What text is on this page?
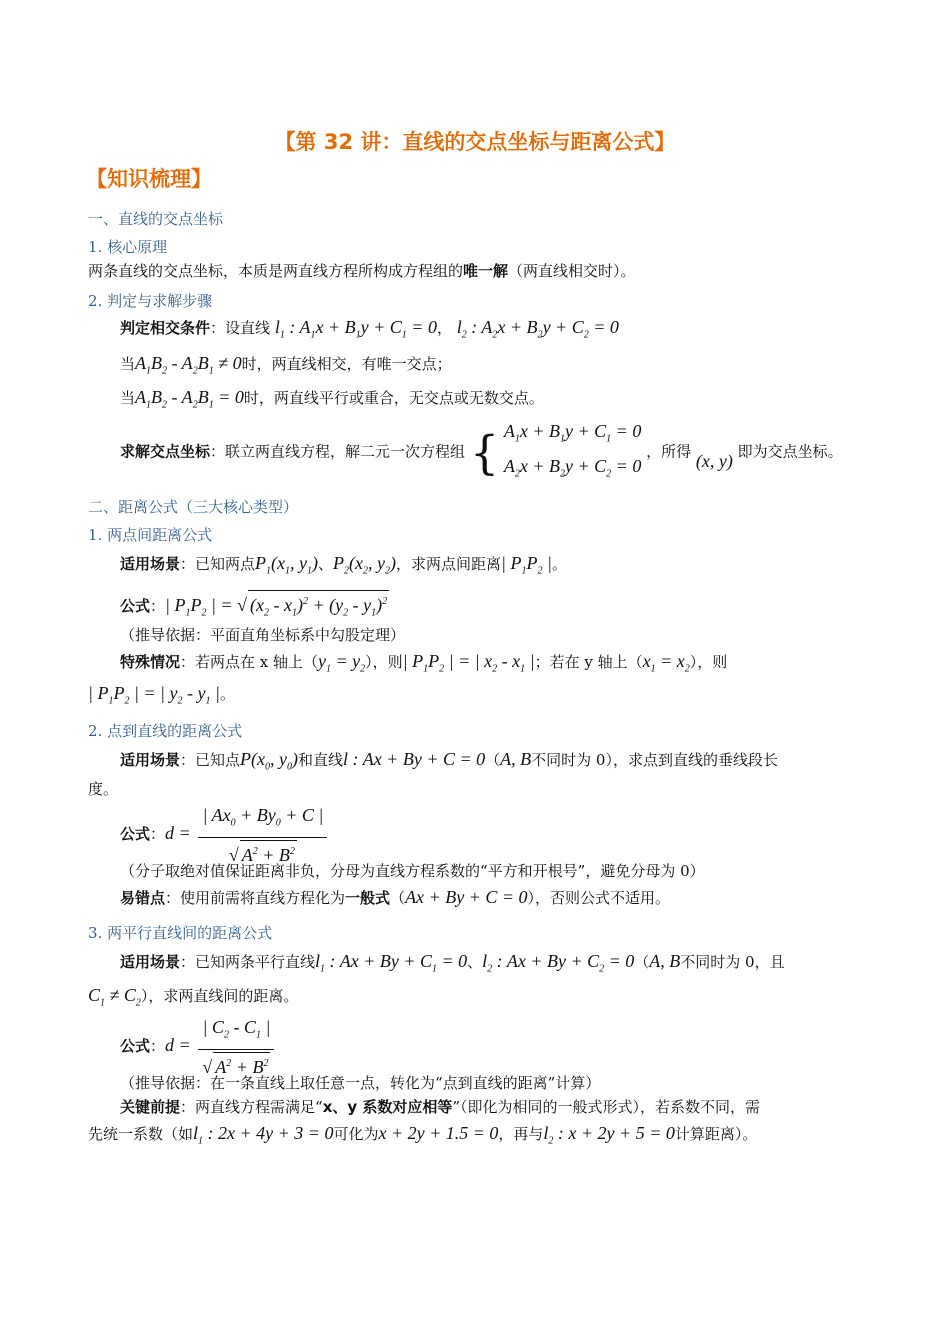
【第 32 讲：直线的交点坐标与距离公式】
【知识梳理】
一、直线的交点坐标
1. 核心原理
两条直线的交点坐标，本质是两直线方程所构成方程组的唯一解（两直线相交时）。
2. 判定与求解步骤
判定相交条件：设直线 $l_1$ : $A_1x + B_1y + C_1 = 0$， $l_2$ : $A_2x + B_2y + C_2 = 0$
当$A_1B_2 - A_2B_1 \ne 0$时，两直线相交，有唯一交点；
当$A_1B_2 - A_2B_1 = 0$时，两直线平行或重合，无交点或无数交点。
求解交点坐标：联立两直线方程，解二元一次方程组 { $A_1x + B_1y + C_1 = 0$
$A_2x + B_2y + C_2 = 0$ ，所得 (x, y) 即为交点坐标。
二、距离公式（三大核心类型）
1. 两点间距离公式
适用场景：已知两点$P_1(x_1$, $y_1$)、$P_2(x_2$, $y_2$)，求两点间距离| $P_1P_2$ |。
公式：| $P_1P_2$ | = √ $(x_2 - x_1)^2 + (y_2 - y_1)^2$
（推导依据：平面直角坐标系中勾股定理）
特殊情况：若两点在 x 轴上$(y_1 = y_2)$，则| $P_1P_2$ | = | $x_2 - x_1$ |；若在 y 轴上$(x_1 = x_2)$，则
| $P_1P_2$ | = | $y_2 - y_1$ |。
2. 点到直线的距离公式
适用场景：已知点$P(x_0$, $y_0$)和直线l : Ax + By + C = 0（A, B不同时为 0），求点到直线的垂线段长
度。
公式：$d = \frac{| Ax_0 + By_0 + C |}{√ A^2 + B^2}$
（分子取绝对值保证距离非负，分母为直线方程系数的“平方和开根号”，避免分母为 0）
易错点：使用前需将直线方程化为一般式（Ax + By + C = 0），否则公式不适用。
3. 两平行直线间的距离公式
适用场景：已知两条平行直线$l_1$ : $Ax + By + C_1 = 0$、$l_2$ : $Ax + By + C_2 = 0(A$, B不同时为 0，且
$C_1 \ne C_2$），求两直线间的距离。
公式：$d = \frac{| C_2 - C_1 |}{√ A^2 + B^2}$
（推导依据：在一条直线上取任意一点，转化为“点到直线的距离”计算）
关键前提：两直线方程需满足“x、y 系数对应相等”（即化为相同的一般式形式），若系数不同，需
先统一系数（如$l_1$ : 2x + 4y + 3 = 0可化为x + 2y + 1.5 = 0，再与$l_2$ : x + 2y + 5 = 0计算距离）。
